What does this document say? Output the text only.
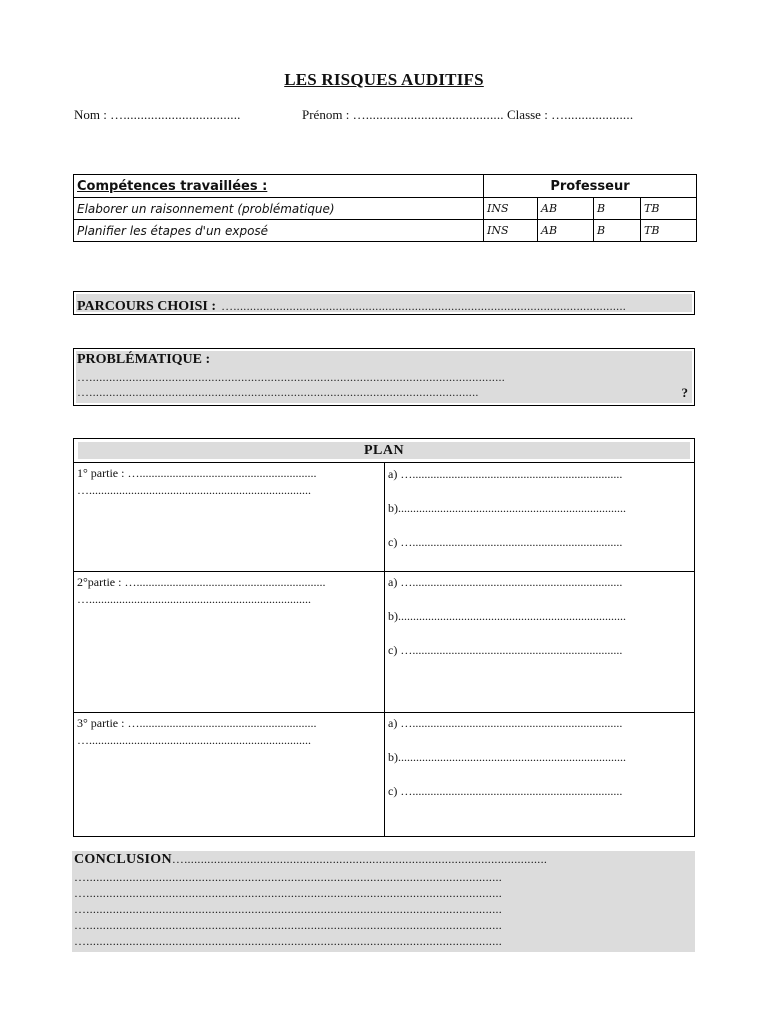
LES RISQUES AUDITIFS
Nom : …..................................	Prénom : …........................................ Classe : …....................
Compétences travaillées :	Professeur			
Elaborer un raisonnement (problématique)	INS	AB	B	TB
Planifier les étapes d'un exposé	INS	AB	B	TB
PARCOURS CHOISI : ….......................................................................................................................
PROBLÉMATIQUE :
…..............................................................................................................................
…......................................................................................................................	?
PLAN
1° partie : …...........................................................
…..........................................................................
a) …......................................................................
b)............................................................................
c) …......................................................................
2°partie : …...............................................................
…..........................................................................
a) …......................................................................
b)............................................................................
c) …......................................................................
3° partie : …...........................................................
…..........................................................................
a) …......................................................................
b)............................................................................
c) …......................................................................
CONCLUSION…..............................................................................................................
…..............................................................................................................................
…..............................................................................................................................
…..............................................................................................................................
…..............................................................................................................................
…..............................................................................................................................
